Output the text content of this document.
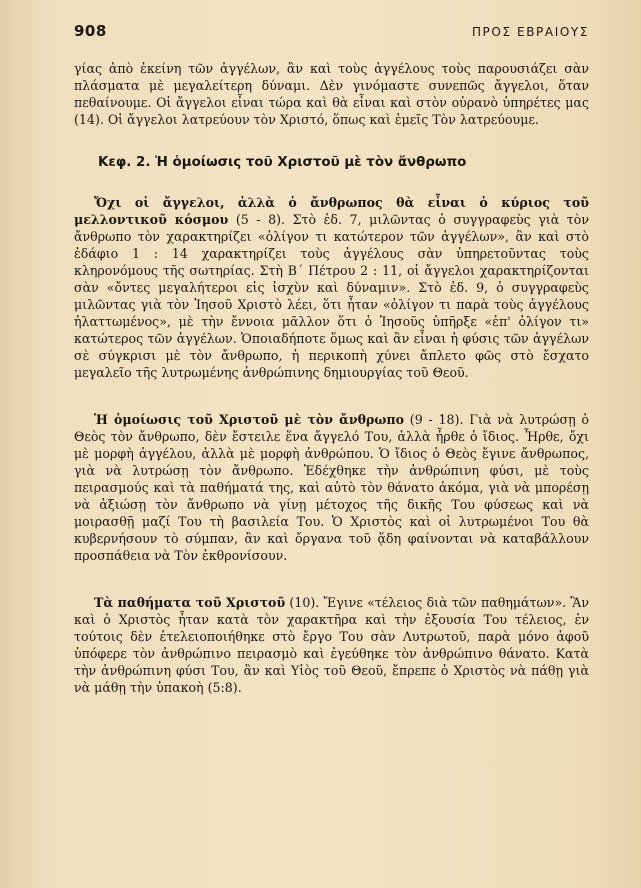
908	ΠΡΟΣ ΕΒΡΑΙΟΥΣ

γίας ἀπὸ ἐκείνη τῶν ἀγγέλων, ἂν καὶ τοὺς ἀγγέλους τοὺς παρουσιάζει σὰν πλάσματα μὲ μεγαλείτερη δύναμι. Δὲν γινόμαστε συνεπῶς ἄγγελοι, ὅταν πεθαίνουμε. Οἱ ἄγγελοι εἶναι τώρα καὶ θὰ εἶναι καὶ στὸν οὐρανὸ ὑπηρέτες μας (14). Οἱ ἄγγελοι λατρεύουν τὸν Χριστό, ὅπως καὶ ἐμεῖς Τὸν λατρεύουμε.

Κεφ. 2. Ἡ ὁμοίωσις τοῦ Χριστοῦ μὲ τὸν ἄνθρωπο

Ὄχι οἱ ἄγγελοι, ἀλλὰ ὁ ἄνθρωπος θὰ εἶναι ὁ κύριος τοῦ μελλοντικοῦ κόσμου (5 - 8). Στὸ ἐδ. 7, μιλῶντας ὁ συγγραφεὺς γιὰ τὸν ἄνθρωπο τὸν χαρακτηρίζει «ὀλίγον τι κατώτερον τῶν ἀγγέλων», ἂν καὶ στὸ ἐδάφιο 1 : 14 χαρακτηρίζει τοὺς ἀγγέλους σὰν ὑπηρετοῦντας τοὺς κληρονόμους τῆς σωτηρίας. Στὴ Β΄ Πέτρου 2 : 11, οἱ ἄγγελοι χαρακτηρίζονται σὰν «ὄντες μεγαλήτεροι εἰς ἰσχὺν καὶ δύναμιν». Στὸ ἐδ. 9, ὁ συγγραφεὺς μιλῶντας γιὰ τὸν Ἰησοῦ Χριστὸ λέει, ὅτι ἦταν «ὀλίγον τι παρὰ τοὺς ἀγγέλους ἠλαττωμένος», μὲ τὴν ἔννοια μᾶλλον ὅτι ὁ Ἰησοῦς ὑπῆρξε «ἐπ' ὀλίγον τι» κατώτερος τῶν ἀγγέλων. Ὁποιαδήποτε ὅμως καὶ ἂν εἶναι ἡ φύσις τῶν ἀγγέλων σὲ σύγκρισι μὲ τὸν ἄνθρωπο, ἡ περικοπὴ χύνει ἄπλετο φῶς στὸ ἔσχατο μεγαλεῖο τῆς λυτρωμένης ἀνθρώπινης δημιουργίας τοῦ Θεοῦ.

Ἡ ὁμοίωσις τοῦ Χριστοῦ μὲ τὸν ἄνθρωπο (9 - 18). Γιὰ νὰ λυτρώσῃ ὁ Θεὸς τὸν ἄνθρωπο, δὲν ἔστειλε ἕνα ἄγγελό Του, ἀλλὰ ἦρθε ὁ ἴδιος. Ἦρθε, ὄχι μὲ μορφὴ ἀγγέλου, ἀλλὰ μὲ μορφὴ ἀνθρώπου. Ὁ ἴδιος ὁ Θεὸς ἔγινε ἄνθρωπος, γιὰ νὰ λυτρώσῃ τὸν ἄνθρωπο. Ἐδέχθηκε τὴν ἀνθρώπινη φύσι, μὲ τοὺς πειρασμούς καὶ τὰ παθήματά της, καὶ αὐτὸ τὸν θάνατο ἀκόμα, γιὰ νὰ μπορέσῃ νὰ ἀξιώσῃ τὸν ἄνθρωπο νὰ γίνῃ μέτοχος τῆς δικῆς Του φύσεως καὶ νὰ μοιρασθῇ μαζί Του τὴ βασιλεία Του. Ὁ Χριστὸς καὶ οἱ λυτρωμένοι Του θὰ κυβερνήσουν τὸ σύμπαν, ἂν καὶ ὄργανα τοῦ ᾅδη φαίνονται νὰ καταβάλλουν προσπάθεια νὰ Τὸν ἐκθρονίσουν.

Τὰ παθήματα τοῦ Χριστοῦ (10). Ἔγινε «τέλειος διὰ τῶν παθημάτων». Ἂν καὶ ὁ Χριστὸς ἦταν κατὰ τὸν χαρακτῆρα καὶ τὴν ἐξουσία Του τέλειος, ἐν τούτοις δὲν ἐτελειοποιήθηκε στὸ ἔργο Του σὰν Λυτρωτοῦ, παρὰ μόνο ἀφοῦ ὑπόφερε τὸν ἀνθρώπινο πειρασμὸ καὶ ἐγεύθηκε τὸν ἀνθρώπινο θάνατο. Κατὰ τὴν ἀνθρώπινη φύσι Του, ἂν καὶ Υἱὸς τοῦ Θεοῦ, ἔπρεπε ὁ Χριστὸς νὰ πάθῃ γιὰ νὰ μάθῃ τὴν ὑπακοὴ (5:8).
